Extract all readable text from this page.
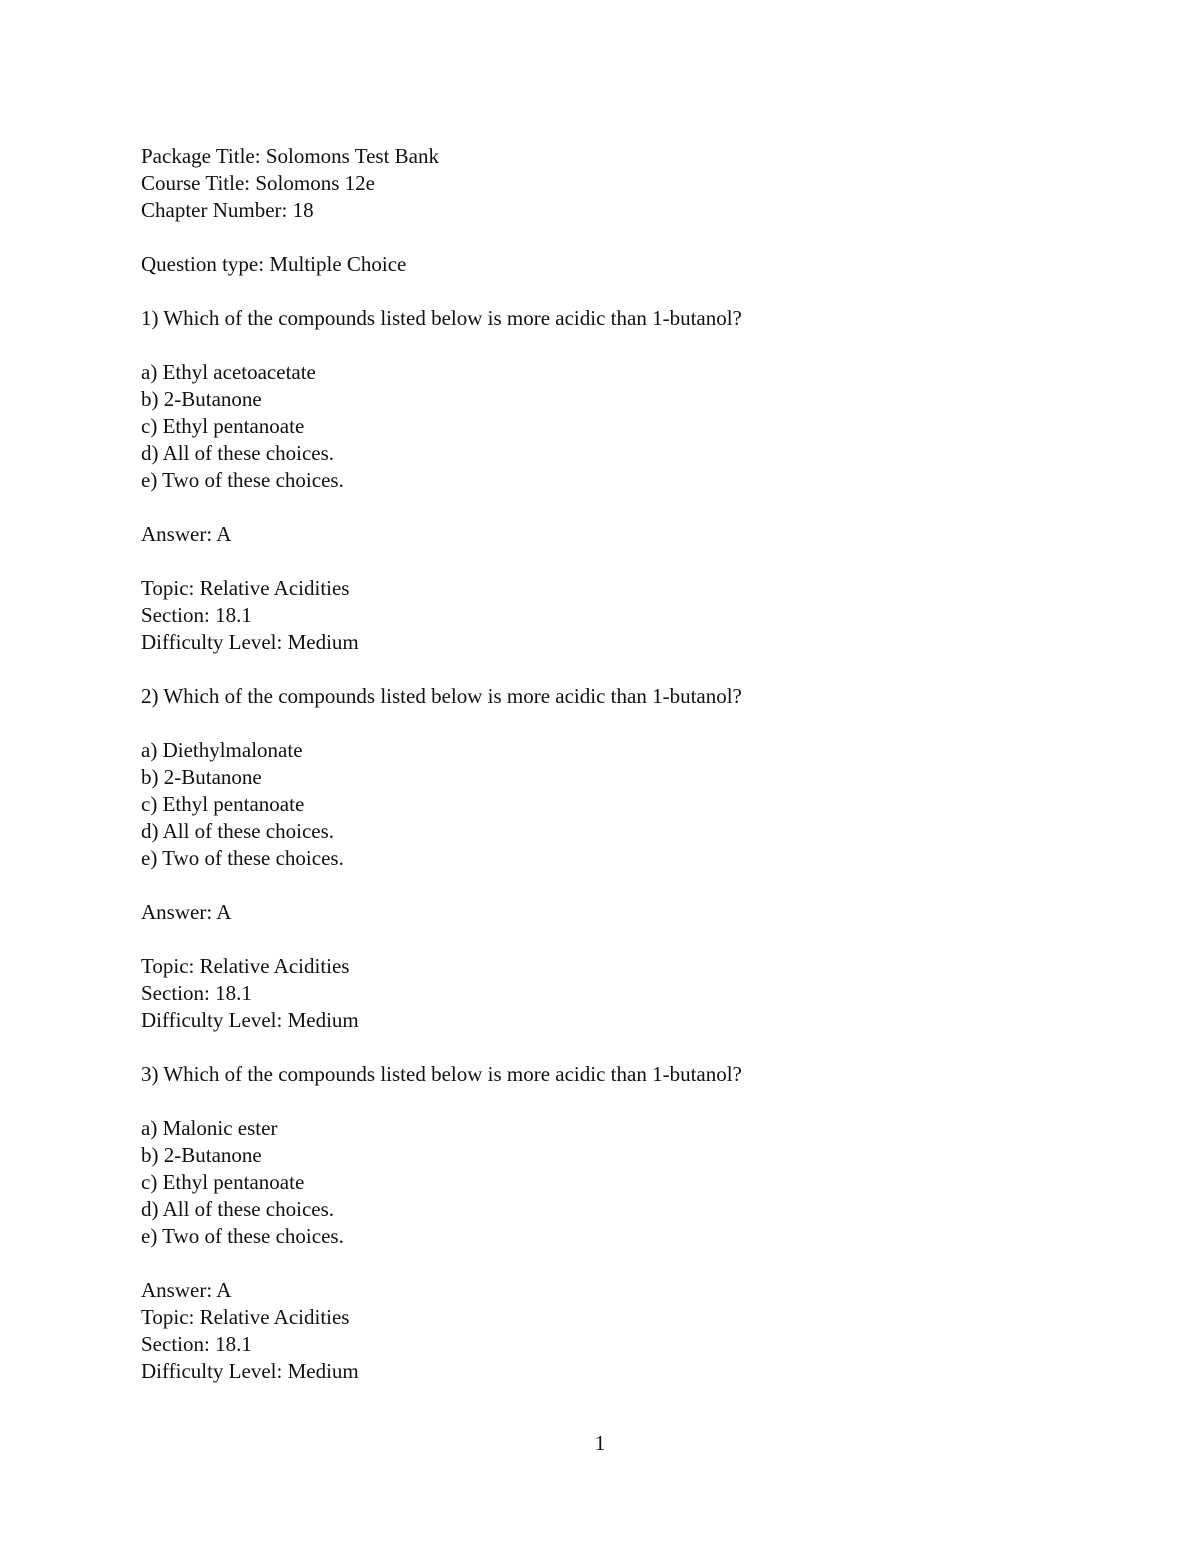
Package Title: Solomons Test Bank
Course Title: Solomons 12e
Chapter Number: 18
Question type: Multiple Choice
1) Which of the compounds listed below is more acidic than 1-butanol?
a) Ethyl acetoacetate
b) 2-Butanone
c) Ethyl pentanoate
d) All of these choices.
e) Two of these choices.
Answer: A
Topic: Relative Acidities
Section: 18.1
Difficulty Level: Medium
2) Which of the compounds listed below is more acidic than 1-butanol?
a) Diethylmalonate
b) 2-Butanone
c) Ethyl pentanoate
d) All of these choices.
e) Two of these choices.
Answer: A
Topic: Relative Acidities
Section: 18.1
Difficulty Level: Medium
3) Which of the compounds listed below is more acidic than 1-butanol?
a) Malonic ester
b) 2-Butanone
c) Ethyl pentanoate
d) All of these choices.
e) Two of these choices.
Answer: A
Topic: Relative Acidities
Section: 18.1
Difficulty Level: Medium
1
